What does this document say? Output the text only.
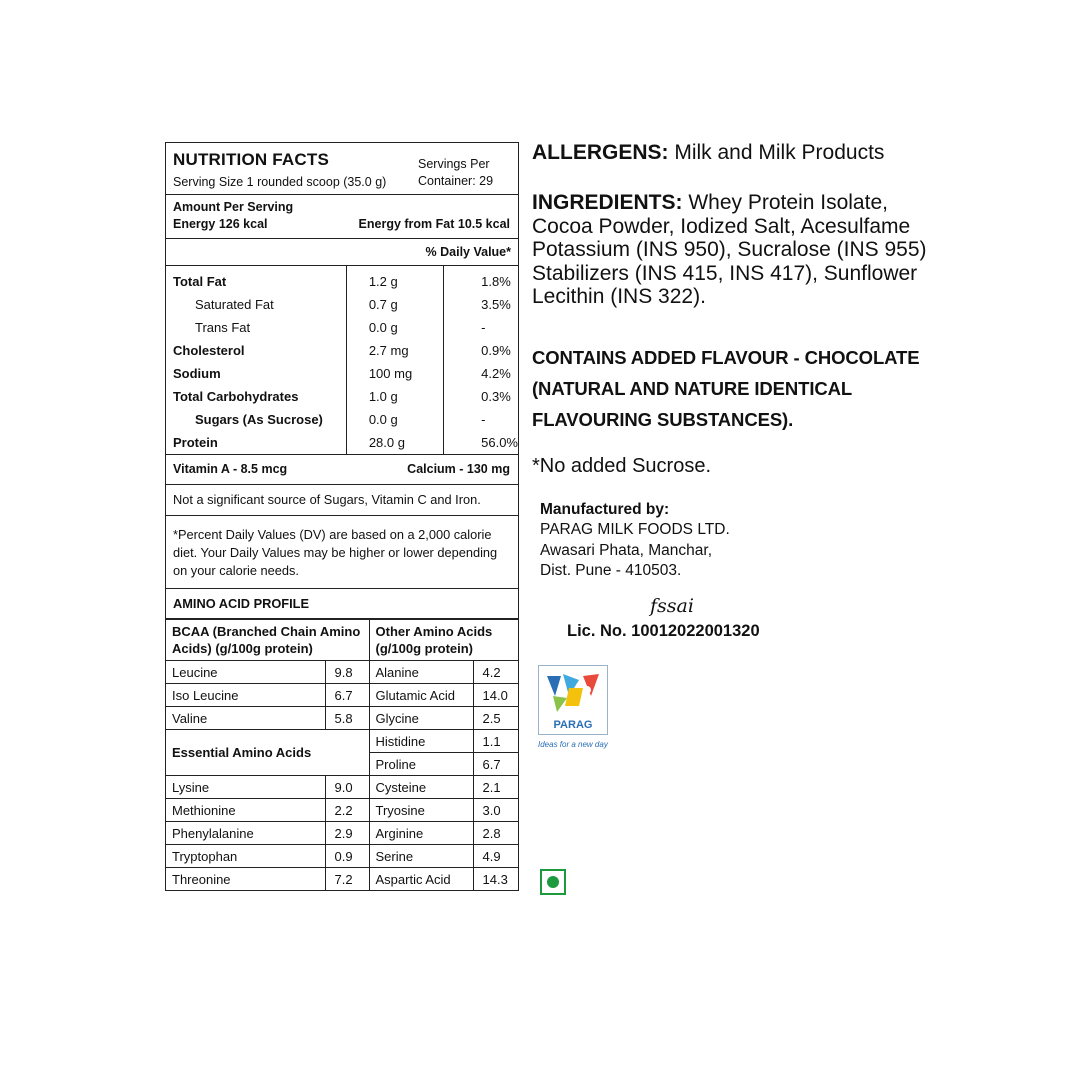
NUTRITION FACTS
Serving Size 1 rounded scoop (35.0 g)
Servings Per
Container: 29
Amount Per Serving
Energy 126 kcal	Energy from Fat 10.5 kcal
% Daily Value*
Total Fat	1.2 g	1.8%
Saturated Fat	0.7 g	3.5%
Trans Fat	0.0 g	-
Cholesterol	2.7 mg	0.9%
Sodium	100 mg	4.2%
Total Carbohydrates	1.0 g	0.3%
Sugars (As Sucrose)	0.0 g	-
Protein	28.0 g	56.0%
Vitamin A - 8.5 mcg	Calcium - 130 mg
Not a significant source of Sugars, Vitamin C and Iron.
*Percent Daily Values (DV) are based on a 2,000 calorie diet. Your Daily Values may be higher or lower depending on your calorie needs.
AMINO ACID PROFILE
BCAA (Branched Chain Amino Acids) (g/100g protein)		Other Amino Acids (g/100g protein)	
Leucine	9.8	Alanine	4.2
Iso Leucine	6.7	Glutamic Acid	14.0
Valine	5.8	Glycine	2.5
Essential Amino Acids		Histidine	1.1
		Proline	6.7
Lysine	9.0	Cysteine	2.1
Methionine	2.2	Tryosine	3.0
Phenylalanine	2.9	Arginine	2.8
Tryptophan	0.9	Serine	4.9
Threonine	7.2	Aspartic Acid	14.3

ALLERGENS: Milk and Milk Products

INGREDIENTS: Whey Protein Isolate, Cocoa Powder, Iodized Salt, Acesulfame Potassium (INS 950), Sucralose (INS 955) Stabilizers (INS 415, INS 417), Sunflower Lecithin (INS 322).
CONTAINS ADDED FLAVOUR - CHOCOLATE (NATURAL AND NATURE IDENTICAL FLAVOURING SUBSTANCES).
*No added Sucrose.
Manufactured by:
PARAG MILK FOODS LTD.
Awasari Phata, Manchar,
Dist. Pune - 410503.
fssai
Lic. No. 10012022001320
PARAG
Ideas for a new day
